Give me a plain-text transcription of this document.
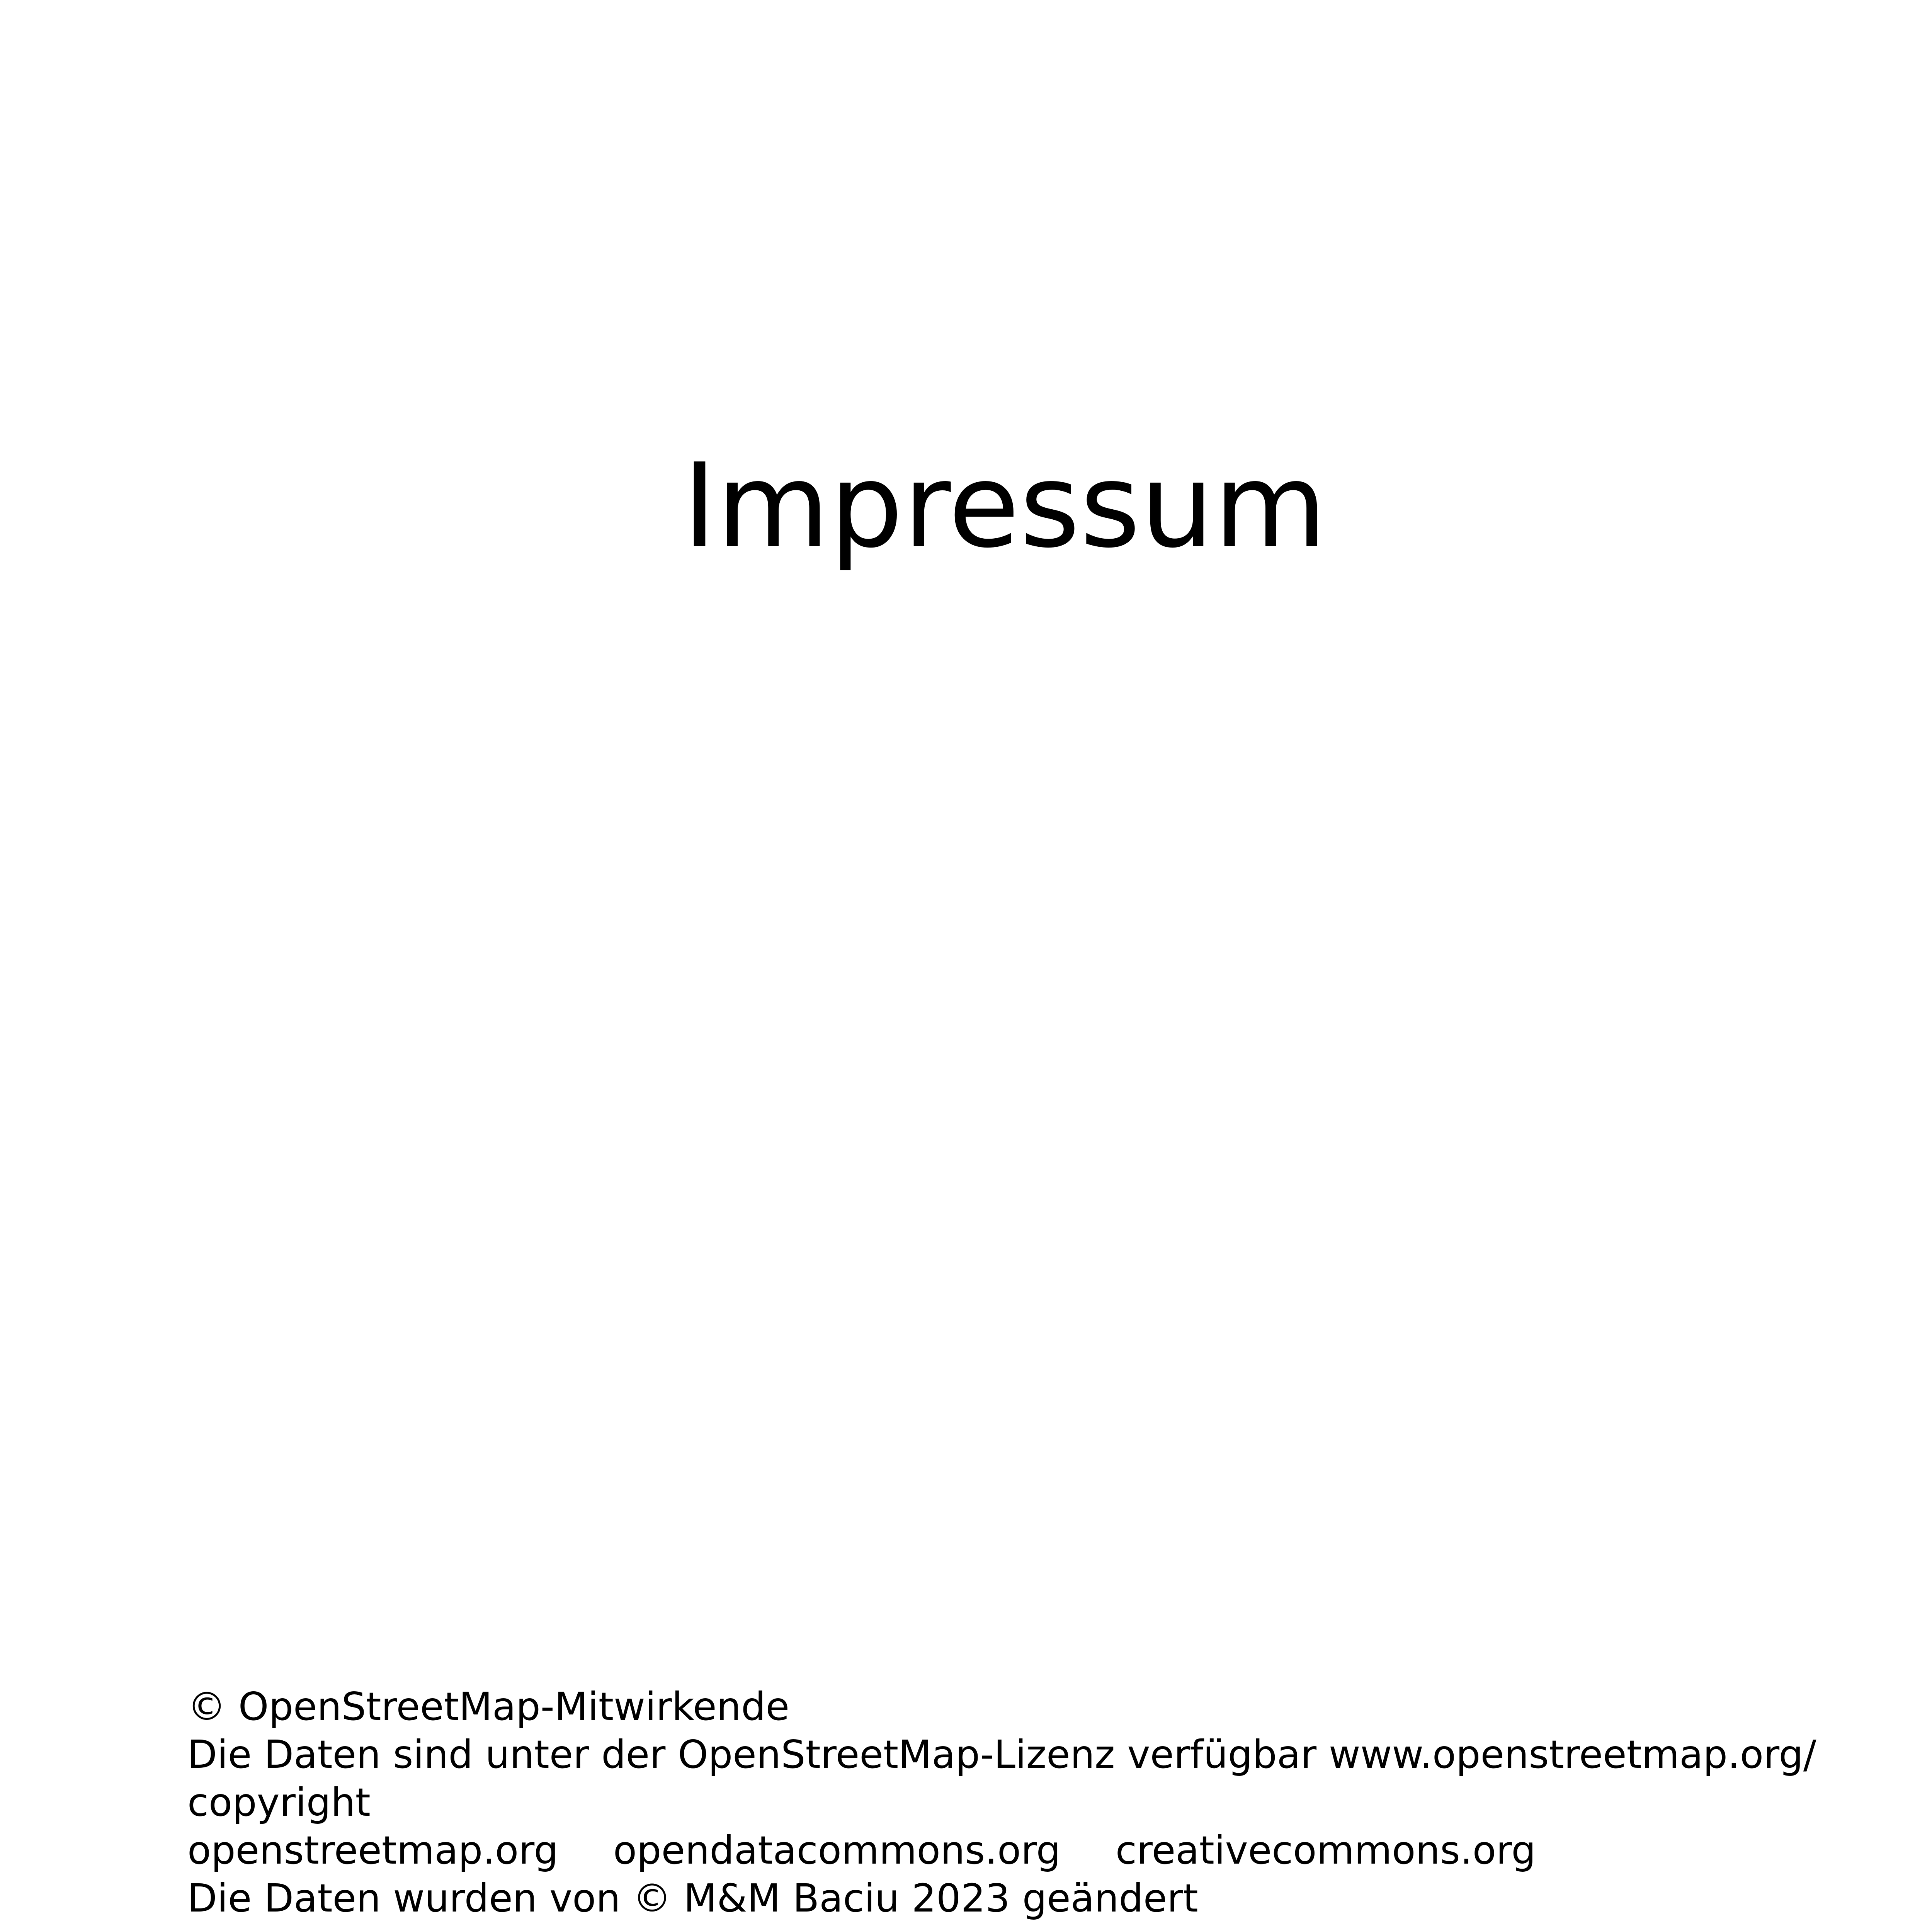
Impressum
© OpenStreetMap-Mitwirkende
Die Daten sind unter der OpenStreetMap-Lizenz verfügbar www.openstreetmap.org/
copyright
openstreetmap.org opendatacommons.org creativecommons.org
Die Daten wurden von © M&M Baciu 2023 geändert
